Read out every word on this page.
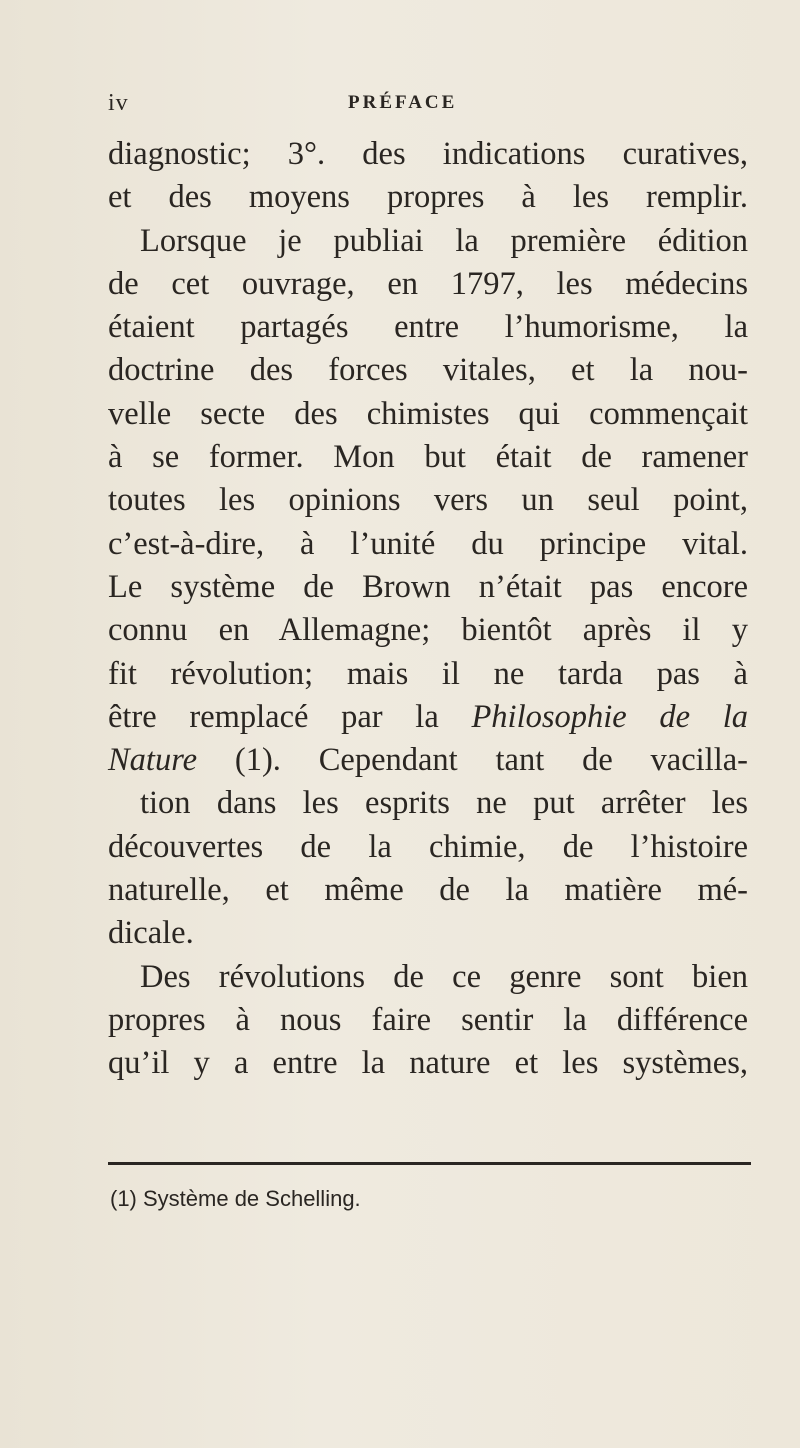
iv	PRÉFACE
diagnostic; 3°. des indications curatives,
et des moyens propres à les remplir.
Lorsque je publiai la première édition
de cet ouvrage, en 1797, les médecins
étaient partagés entre l’humorisme, la
doctrine des forces vitales, et la nou-
velle secte des chimistes qui commençait
à se former. Mon but était de ramener
toutes les opinions vers un seul point,
c’est-à-dire, à l’unité du principe vital.
Le système de Brown n’était pas encore
connu en Allemagne; bientôt après il y
fit révolution; mais il ne tarda pas à
être remplacé par la Philosophie de la
Nature (1). Cependant tant de vacilla-
tion dans les esprits ne put arrêter les
découvertes de la chimie, de l’histoire
naturelle, et même de la matière mé-
dicale.
Des révolutions de ce genre sont bien
propres à nous faire sentir la différence
qu’il y a entre la nature et les systèmes,
(1) Système de Schelling.
